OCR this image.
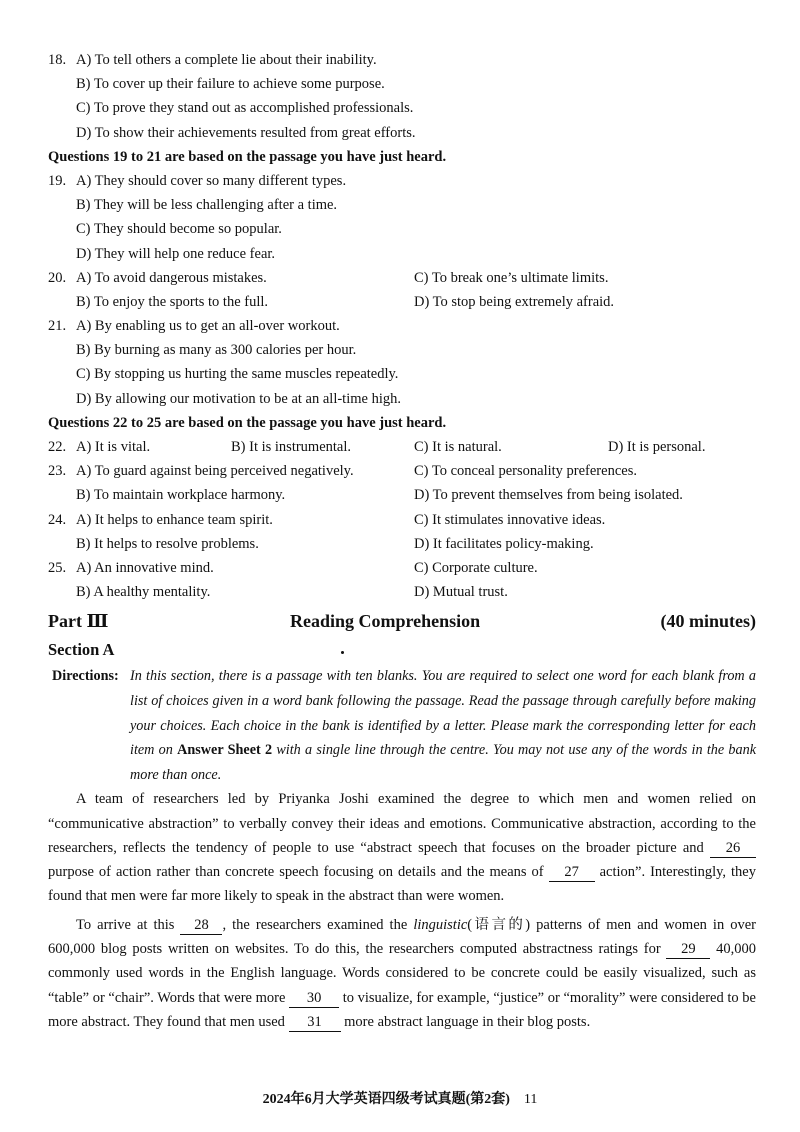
18. A) To tell others a complete lie about their inability.
B) To cover up their failure to achieve some purpose.
C) To prove they stand out as accomplished professionals.
D) To show their achievements resulted from great efforts.
Questions 19 to 21 are based on the passage you have just heard.
19. A) They should cover so many different types.
B) They will be less challenging after a time.
C) They should become so popular.
D) They will help one reduce fear.
20. A) To avoid dangerous mistakes.	C) To break one’s ultimate limits.
B) To enjoy the sports to the full.	D) To stop being extremely afraid.
21. A) By enabling us to get an all-over workout.
B) By burning as many as 300 calories per hour.
C) By stopping us hurting the same muscles repeatedly.
D) By allowing our motivation to be at an all-time high.
Questions 22 to 25 are based on the passage you have just heard.
22. A) It is vital.	B) It is instrumental.	C) It is natural.	D) It is personal.
23. A) To guard against being perceived negatively.	C) To conceal personality preferences.
B) To maintain workplace harmony.	D) To prevent themselves from being isolated.
24. A) It helps to enhance team spirit.	C) It stimulates innovative ideas.
B) It helps to resolve problems.	D) It facilitates policy-making.
25. A) An innovative mind.	C) Corporate culture.
B) A healthy mentality.	D) Mutual trust.
Part Ⅲ	Reading Comprehension	(40 minutes)
Section A
Directions: In this section, there is a passage with ten blanks. You are required to select one word for each blank from a list of choices given in a word bank following the passage. Read the passage through carefully before making your choices. Each choice in the bank is identified by a letter. Please mark the corresponding letter for each item on Answer Sheet 2 with a single line through the centre. You may not use any of the words in the bank more than once.

A team of researchers led by Priyanka Joshi examined the degree to which men and women relied on “communicative abstraction” to verbally convey their ideas and emotions. Communicative abstraction, according to the researchers, reflects the tendency of people to use “abstract speech that focuses on the broader picture and 26 purpose of action rather than concrete speech focusing on details and the means of 27 action”. Interestingly, they found that men were far more likely to speak in the abstract than were women.

To arrive at this 28 , the researchers examined the linguistic(语言的) patterns of men and women in over 600,000 blog posts written on websites. To do this, the researchers computed abstractness ratings for 29 40,000 commonly used words in the English language. Words considered to be concrete could be easily visualized, such as “table” or “chair”. Words that were more 30 to visualize, for example, “justice” or “morality” were considered to be more abstract. They found that men used 31 more abstract language in their blog posts.

2024年6月大学英语四级考试真题(第2套) 11
